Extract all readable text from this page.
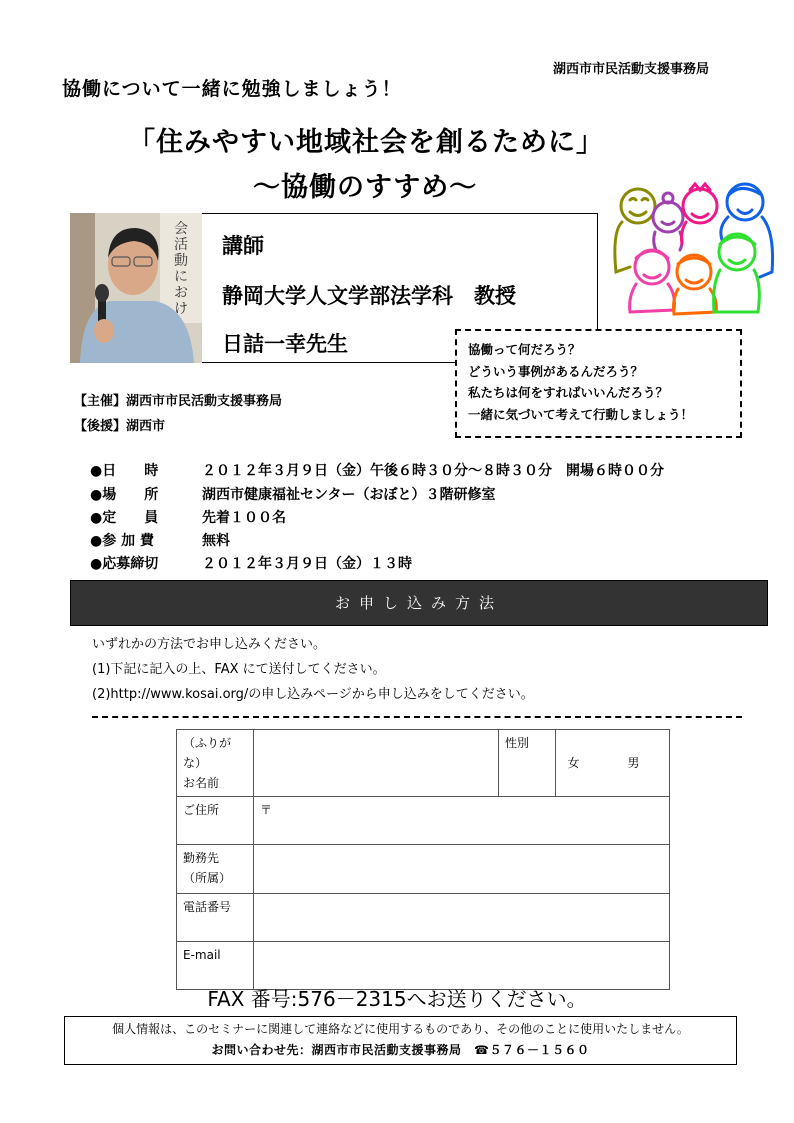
湖西市市民活動支援事務局
協働について一緒に勉強しましょう！
「住みやすい地域社会を創るために」
～協働のすすめ～
会
活
動
に
お
け
講師
静岡大学人文学部法学科　教授
日詰一幸先生	協働って何だろう？
どういう事例があるんだろう？
私たちは何をすればいいんだろう？
一緒に気づいて考えて行動しましょう！
【主催】湖西市市民活動支援事務局
【後援】湖西市
●日　　時	２０１２年３月９日（金）午後６時３０分～８時３０分　開場６時００分
●場　　所	湖西市健康福祉センター（おぼと）３階研修室
●定　　員	先着１００名
●参 加 費	無料
●応募締切	２０１２年３月９日（金）１３時
お申し込み方法
いずれかの方法でお申し込みください。
(1)下記に記入の上、FAX にて送付してください。
(2)http://www.kosai.org/の申し込みページから申し込みをしてください。
（ふりがな）
お名前		性別	女　男
ご住所	〒		

勤務先
（所属）			

電話番号			
E-mail			
FAX 番号:576－2315へお送りください。
個人情報は、このセミナーに関連して連絡などに使用するものであり、その他のことに使用いたしません。
お問い合わせ先：湖西市市民活動支援事務局　☎５７６－１５６０
